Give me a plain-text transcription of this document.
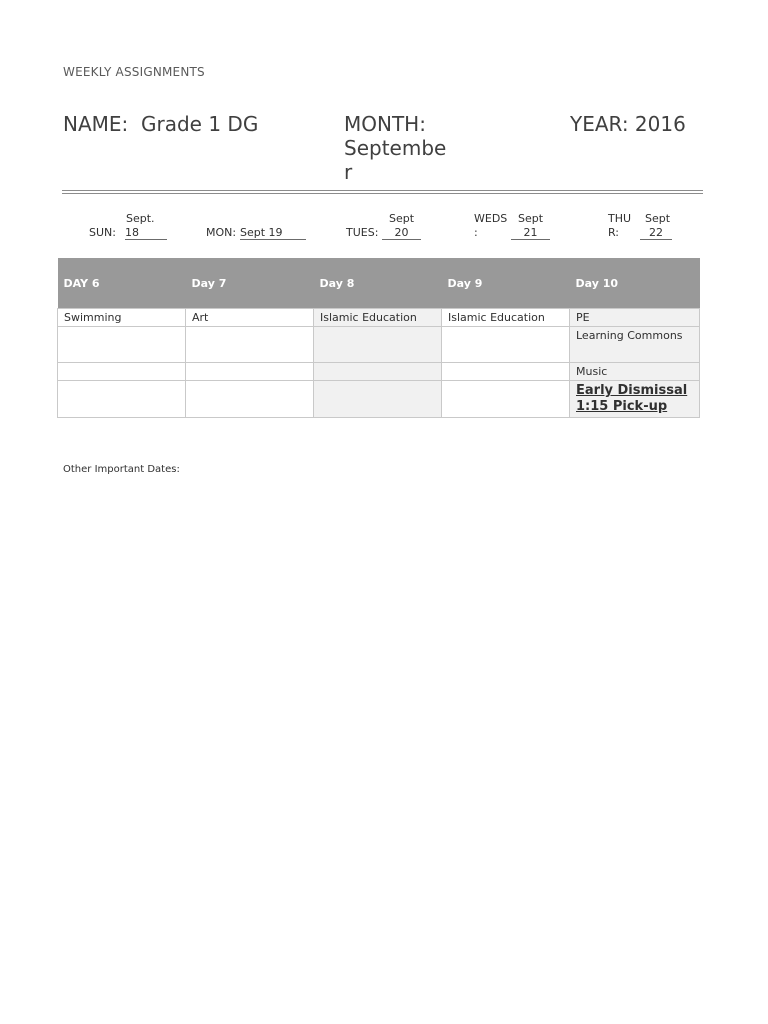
WEEKLY ASSIGNMENTS
NAME: Grade 1 DG	MONTH:
Septembe
r
YEAR: 2016
SUN:
Sept.
18	MON: Sept 19	TUES:
Sept
20
WEDS
:
Sept
21
THU
R:
Sept
22
DAY 6	Day 7	Day 8	Day 9	Day 10
Swimming	Art	Islamic Education	Islamic Education	PE
				Learning Commons
				Music

				Early Dismissal
1:15 Pick-up
Other Important Dates:
